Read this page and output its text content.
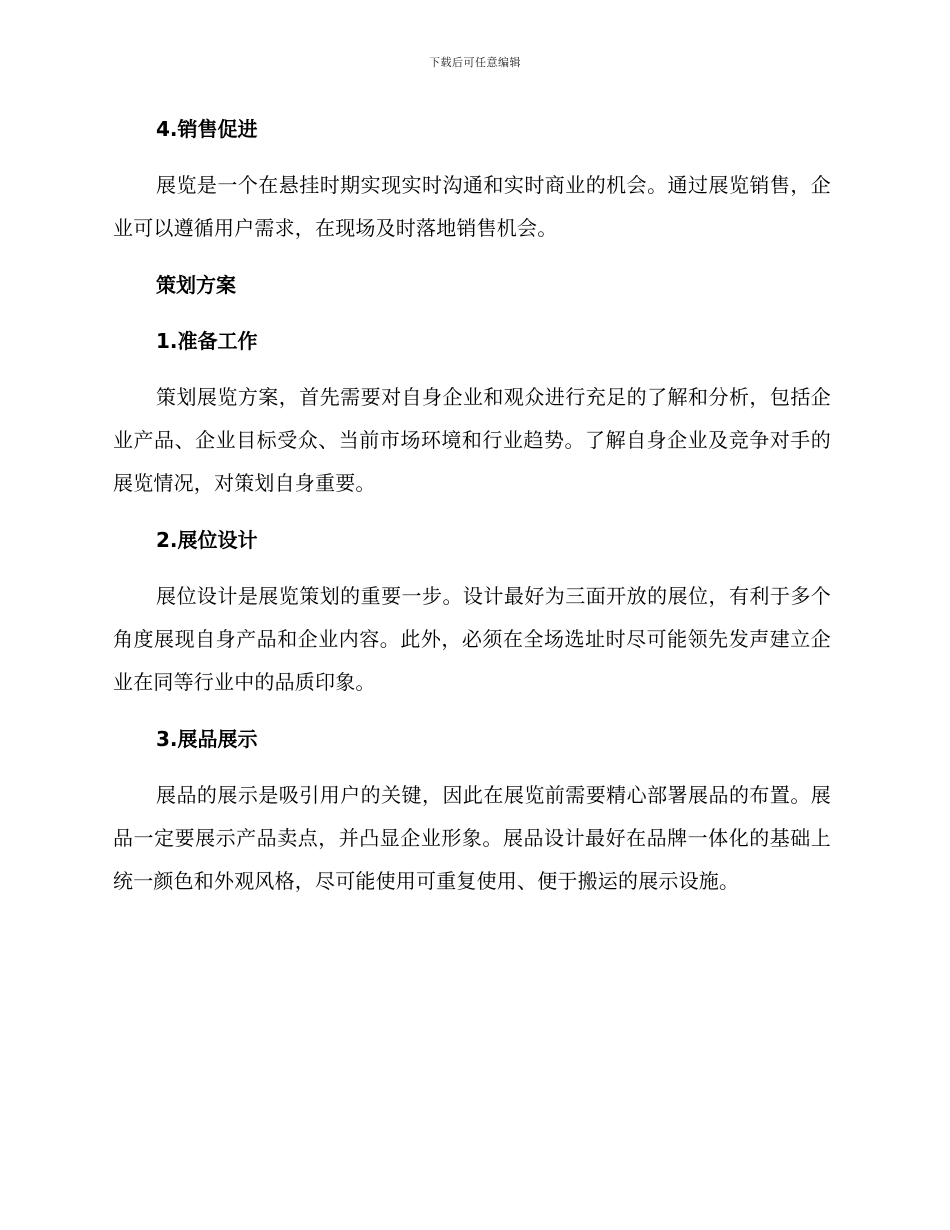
下载后可任意编辑
4.销售促进

展览是一个在悬挂时期实现实时沟通和实时商业的机会。通过展览销售，企业可以遵循用户需求，在现场及时落地销售机会。

策划方案
1.准备工作

策划展览方案，首先需要对自身企业和观众进行充足的了解和分析，包括企业产品、企业目标受众、当前市场环境和行业趋势。了解自身企业及竞争对手的展览情况，对策划自身重要。

2.展位设计

展位设计是展览策划的重要一步。设计最好为三面开放的展位，有利于多个角度展现自身产品和企业内容。此外，必须在全场选址时尽可能领先发声建立企业在同等行业中的品质印象。

3.展品展示

展品的展示是吸引用户的关键，因此在展览前需要精心部署展品的布置。展品一定要展示产品卖点，并凸显企业形象。展品设计最好在品牌一体化的基础上统一颜色和外观风格，尽可能使用可重复使用、便于搬运的展示设施。
